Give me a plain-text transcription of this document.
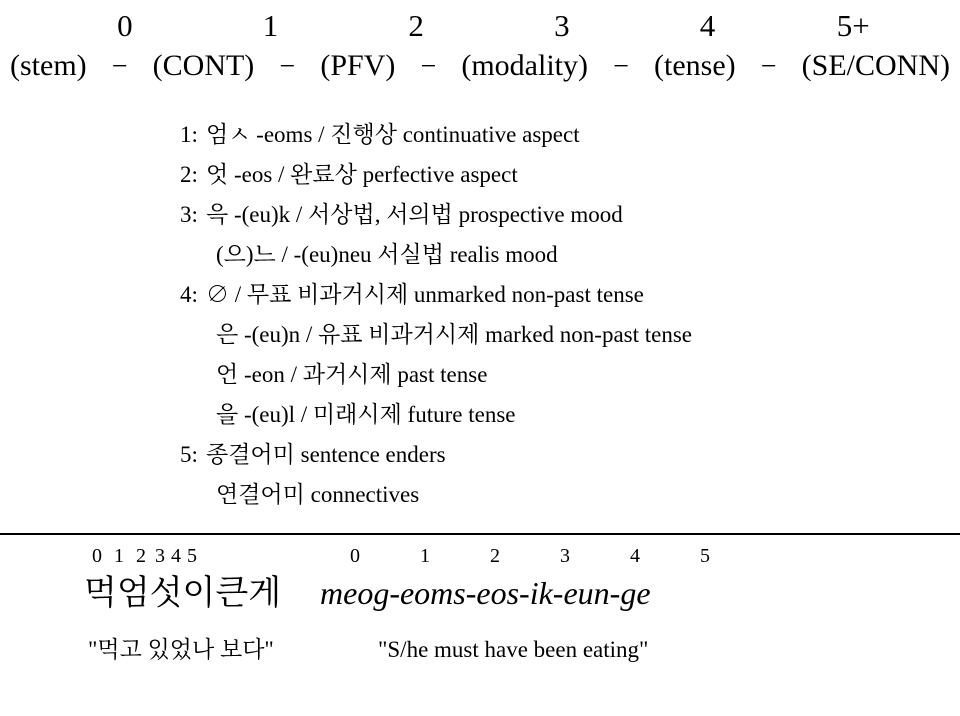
0	1	2	3	4	5+
(stem) − (CONT) − (PFV) − (modality) − (tense) − (SE/CONN)
1: 엄ㅅ -eoms / 진행상 continuative aspect
2: 엇 -eos / 완료상 perfective aspect
3: 윽 -(eu)k / 서상법, 서의법 prospective mood
(으)느 / -(eu)neu 서실법 realis mood
4: ∅ / 무표 비과거시제 unmarked non-past tense
은 -(eu)n / 유표 비과거시제 marked non-past tense
언 -eon / 과거시제 past tense
을 -(eu)l / 미래시제 future tense
5: 종결어미 sentence enders
연결어미 connectives
0 1 2 3 4 5	0	1	2	3	4	5
먹엄섯이큰게 meog-eoms-eos-ik-eun-ge
"먹고 있었나 보다"	"S/he must have been eating"
